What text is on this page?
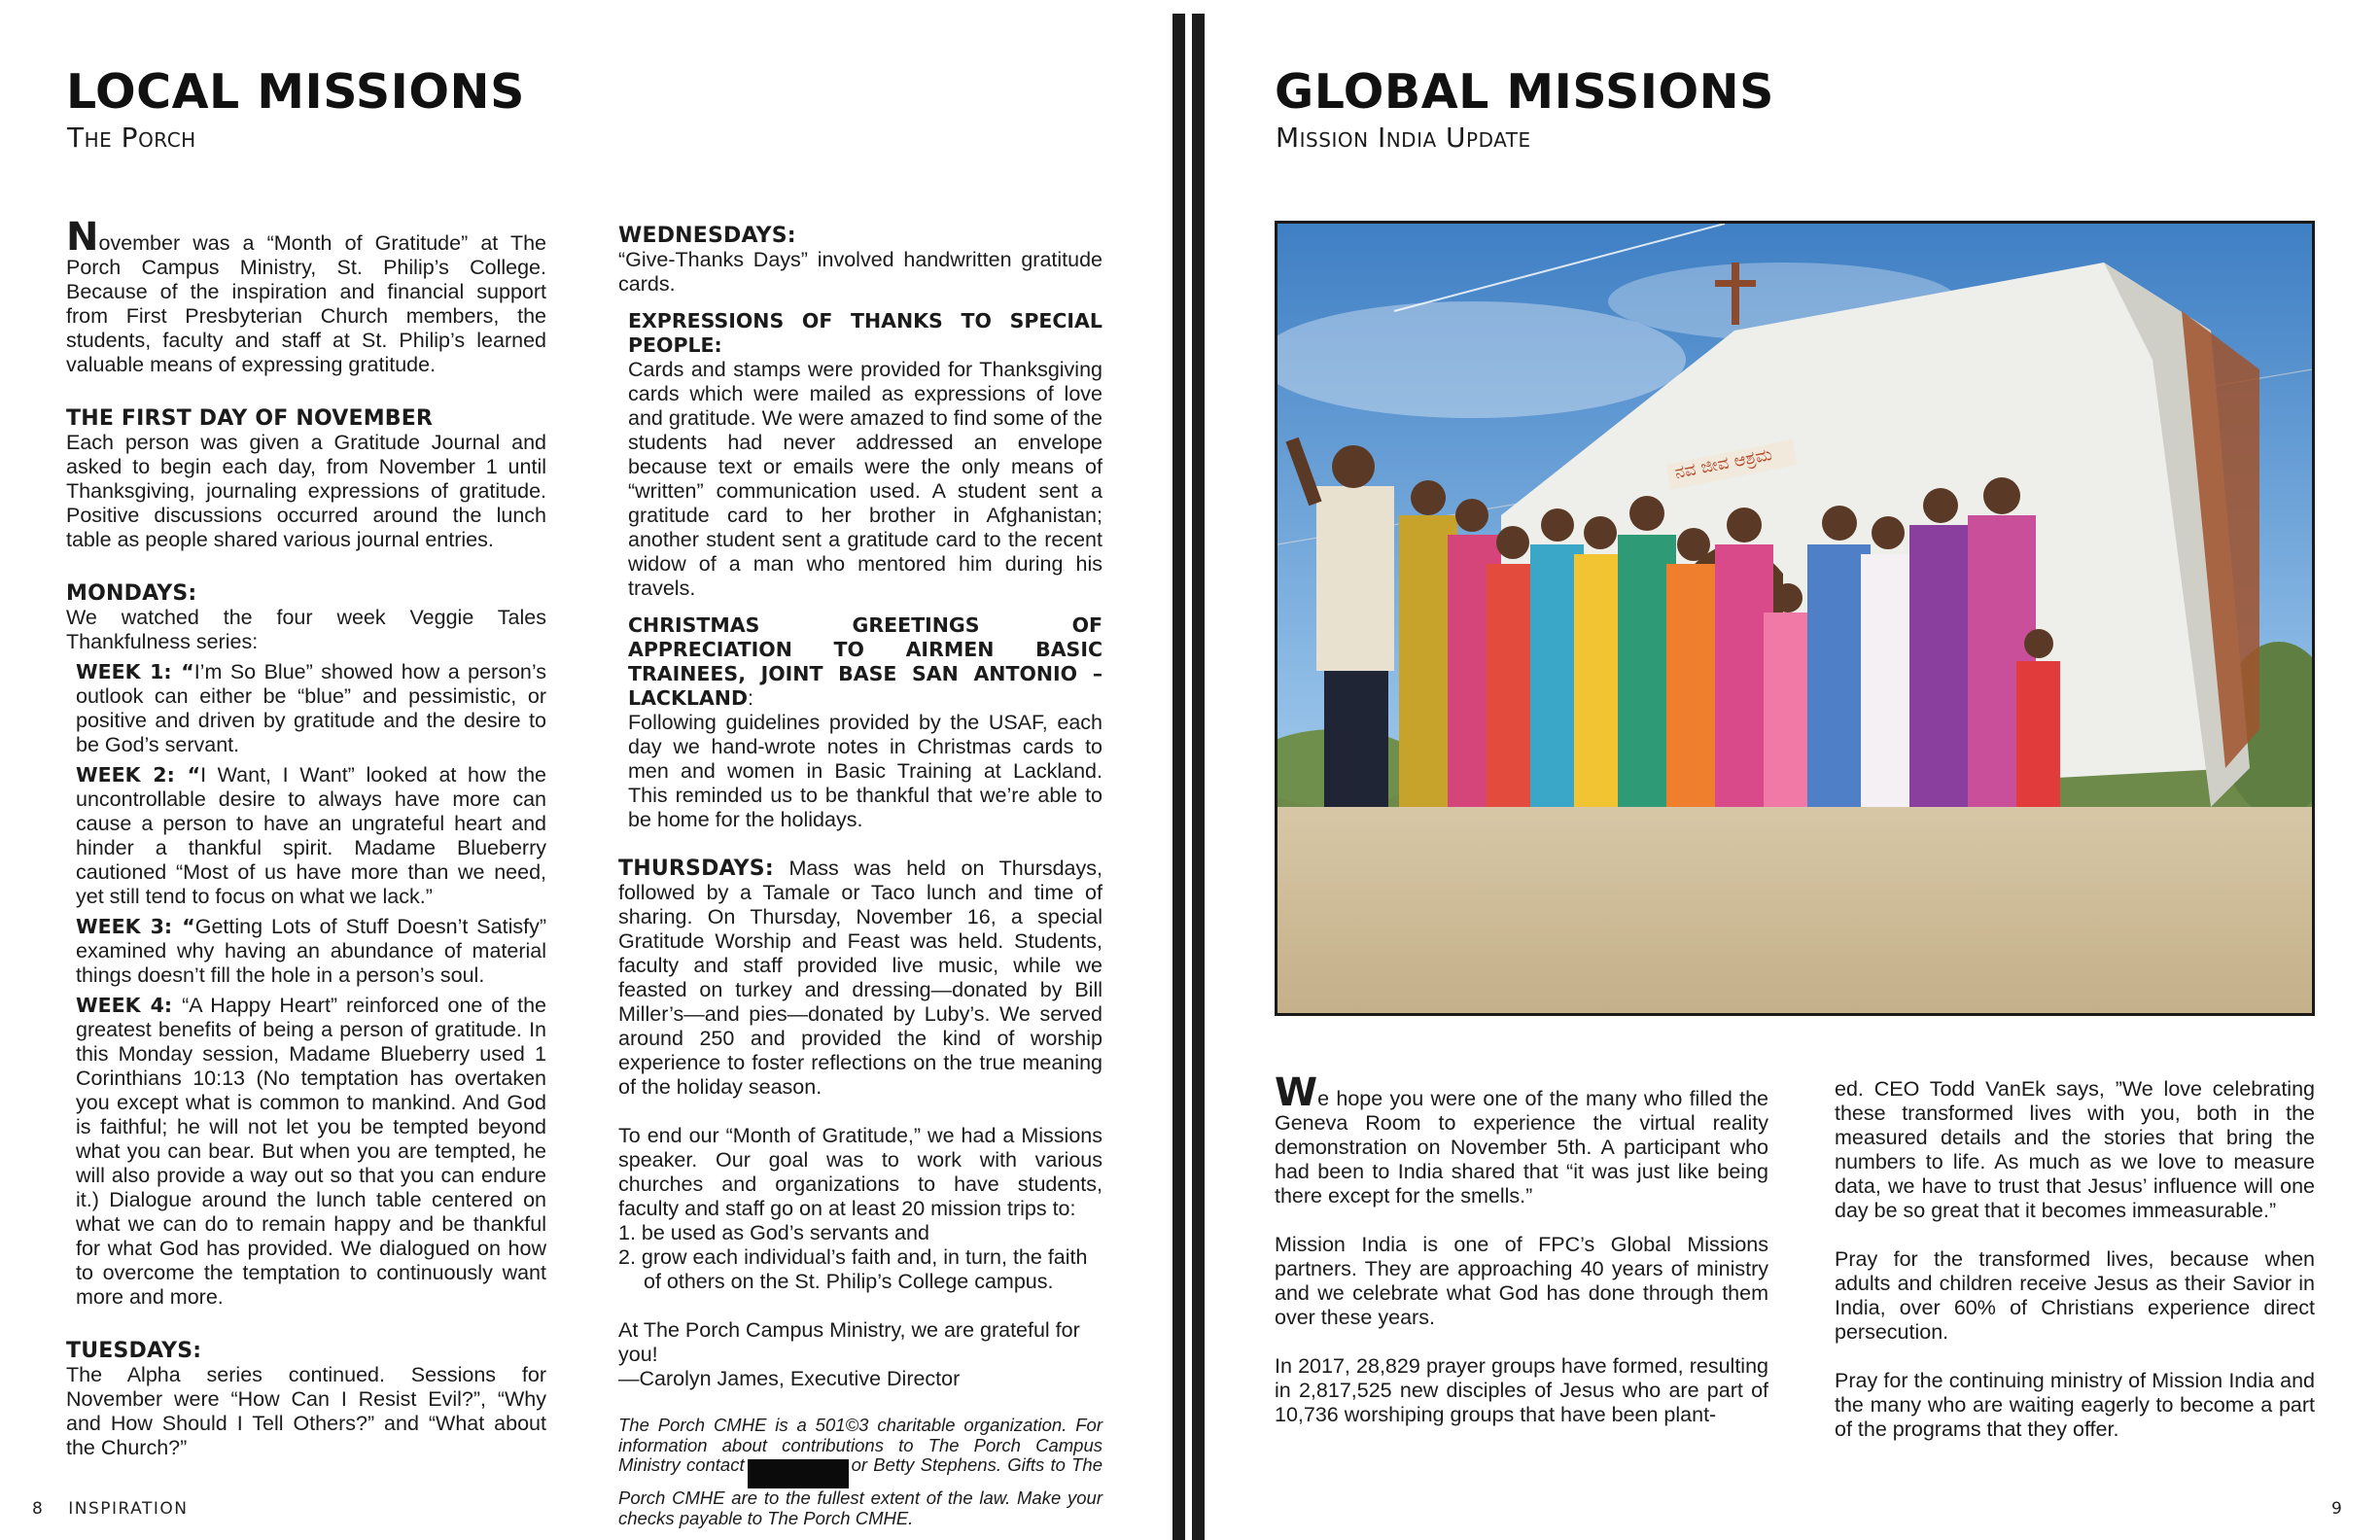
LOCAL MISSIONS
The Porch

November was a “Month of Gratitude” at The Porch Campus Ministry, St. Philip’s College. Because of the inspiration and financial support from First Presbyterian Church members, the students, faculty and staff at St. Philip’s learned valuable means of expressing gratitude.

THE FIRST DAY OF NOVEMBER

Each person was given a Gratitude Journal and asked to begin each day, from November 1 until Thanksgiving, journaling expressions of gratitude. Positive discussions occurred around the lunch table as people shared various journal entries.

MONDAYS:

We watched the four week Veggie Tales Thankfulness series:

WEEK 1: “I’m So Blue” showed how a person’s outlook can either be “blue” and pessimistic, or positive and driven by gratitude and the desire to be God’s servant.

WEEK 2: “I Want, I Want” looked at how the uncontrollable desire to always have more can cause a person to have an ungrateful heart and hinder a thankful spirit. Madame Blueberry cautioned “Most of us have more than we need, yet still tend to focus on what we lack.”

WEEK 3: “Getting Lots of Stuff Doesn’t Satisfy” examined why having an abundance of material things doesn’t fill the hole in a person’s soul.

WEEK 4: “A Happy Heart” reinforced one of the greatest benefits of being a person of gratitude. In this Monday session, Madame Blueberry used 1 Corinthians 10:13 (No temptation has overtaken you except what is common to mankind. And God is faithful; he will not let you be tempted beyond what you can bear. But when you are tempted, he will also provide a way out so that you can endure it.) Dialogue around the lunch table centered on what we can do to remain happy and be thankful for what God has provided. We dialogued on how to overcome the temptation to continuously want more and more.

TUESDAYS:

The Alpha series continued. Sessions for November were “How Can I Resist Evil?”, “Why and How Should I Tell Others?” and “What about the Church?”

WEDNESDAYS:

“Give-Thanks Days” involved handwritten gratitude cards.

EXPRESSIONS OF THANKS TO SPECIAL PEOPLE:

Cards and stamps were provided for Thanksgiving cards which were mailed as expressions of love and gratitude. We were amazed to find some of the students had never addressed an envelope because text or emails were the only means of “written” communication used. A student sent a gratitude card to her brother in Afghanistan; another student sent a gratitude card to the recent widow of a man who mentored him during his travels.

CHRISTMAS GREETINGS OF APPRECIATION TO AIRMEN BASIC TRAINEES, JOINT BASE SAN ANTONIO – LACKLAND:

Following guidelines provided by the USAF, each day we hand-wrote notes in Christmas cards to men and women in Basic Training at Lackland. This reminded us to be thankful that we’re able to be home for the holidays.

THURSDAYS: Mass was held on Thursdays, followed by a Tamale or Taco lunch and time of sharing. On Thursday, November 16, a special Gratitude Worship and Feast was held. Students, faculty and staff provided live music, while we feasted on turkey and dressing—donated by Bill Miller’s—and pies—donated by Luby’s. We served around 250 and provided the kind of worship experience to foster reflections on the true meaning of the holiday season.

To end our “Month of Gratitude,” we had a Missions speaker. Our goal was to work with various churches and organizations to have students, faculty and staff go on at least 20 mission trips to:

1. be used as God’s servants and

2. grow each individual’s faith and, in turn, the faith of others on the St. Philip’s College campus.

At The Porch Campus Ministry, we are grateful for you!

—Carolyn James, Executive Director

The Porch CMHE is a 501©3 charitable organization. For information about contributions to The Porch Campus Ministry contact	or Betty Stephens. Gifts to The Porch CMHE are to the fullest extent of the law. Make your checks payable to The Porch CMHE.

8 INSPIRATION
GLOBAL MISSIONS
Mission India Update
ನವ ಜೀವ ಆಶ್ರಮ

We hope you were one of the many who filled the Geneva Room to experience the virtual reality demonstration on November 5th. A participant who had been to India shared that “it was just like being there except for the smells.”

Mission India is one of FPC’s Global Missions partners. They are approaching 40 years of ministry and we celebrate what God has done through them over these years.

In 2017, 28,829 prayer groups have formed, resulting in 2,817,525 new disciples of Jesus who are part of 10,736 worshiping groups that have been plant-

ed. CEO Todd VanEk says, ”We love celebrating these transformed lives with you, both in the measured details and the stories that bring the numbers to life. As much as we love to measure data, we have to trust that Jesus’ influence will one day be so great that it becomes immeasurable.”

Pray for the transformed lives, because when adults and children receive Jesus as their Savior in India, over 60% of Christians experience direct persecution.

Pray for the continuing ministry of Mission India and the many who are waiting eagerly to become a part of the programs that they offer.

9
